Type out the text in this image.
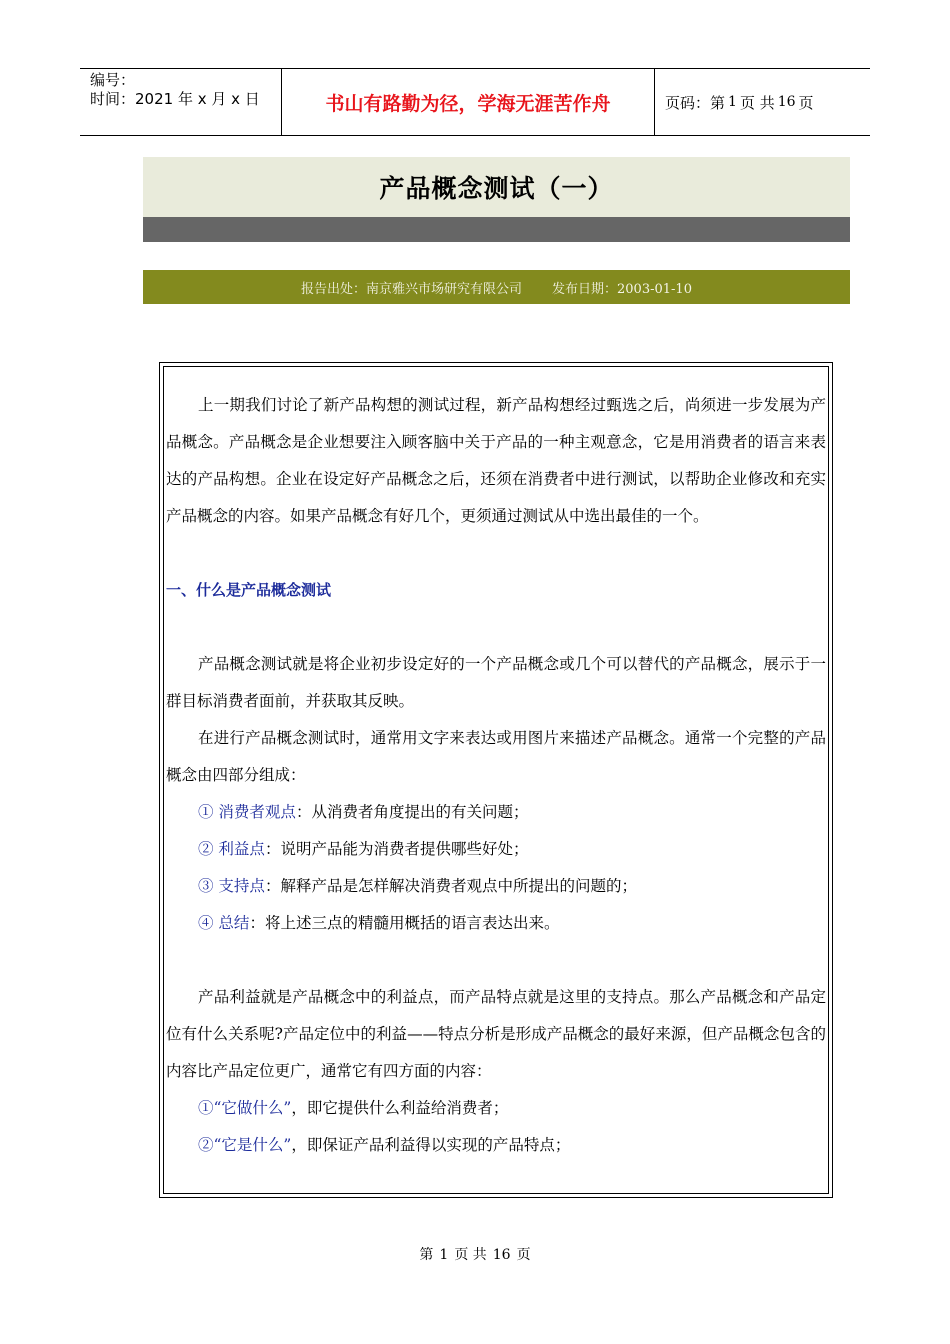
编号：
时间：2021 年 x 月 x 日	书山有路勤为径，学海无涯苦作舟	页码：第 1 页 共 16 页
产品概念测试（一）
报告出处：南京雅兴市场研究有限公司 发布日期：2003-01-10

上一期我们讨论了新产品构想的测试过程，新产品构想经过甄选之后，尚须进一步发展为产品概念。产品概念是企业想要注入顾客脑中关于产品的一种主观意念，它是用消费者的语言来表达的产品构想。企业在设定好产品概念之后，还须在消费者中进行测试，以帮助企业修改和充实产品概念的内容。如果产品概念有好几个，更须通过测试从中选出最佳的一个。

一、什么是产品概念测试

产品概念测试就是将企业初步设定好的一个产品概念或几个可以替代的产品概念，展示于一群目标消费者面前，并获取其反映。

在进行产品概念测试时，通常用文字来表达或用图片来描述产品概念。通常一个完整的产品概念由四部分组成：

① 消费者观点：从消费者角度提出的有关问题；

② 利益点：说明产品能为消费者提供哪些好处；

③ 支持点：解释产品是怎样解决消费者观点中所提出的问题的；

④ 总结：将上述三点的精髓用概括的语言表达出来。

产品利益就是产品概念中的利益点，而产品特点就是这里的支持点。那么产品概念和产品定位有什么关系呢?产品定位中的利益——特点分析是形成产品概念的最好来源，但产品概念包含的内容比产品定位更广，通常它有四方面的内容：

①“它做什么”，即它提供什么利益给消费者；

②“它是什么”，即保证产品利益得以实现的产品特点；

第 1 页 共 16 页
